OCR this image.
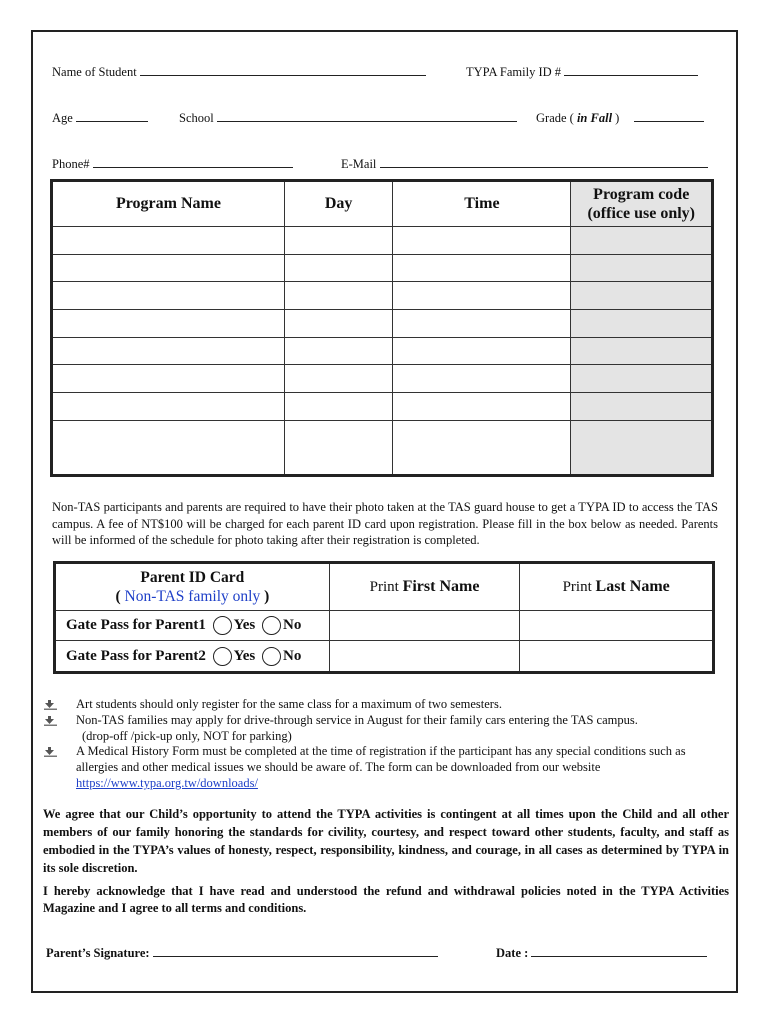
Name of Student	TYPA Family ID #
Age	School	Grade ( in Fall )
Phone#	E-Mail
Program Name	Day	Time	Program code
(office use only)

Non-TAS participants and parents are required to have their photo taken at the TAS guard house to get a TYPA ID to access the TAS campus. A fee of NT$100 will be charged for each parent ID card upon registration. Please fill in the box below as needed. Parents will be informed of the schedule for photo taking after their registration is completed.
Parent ID Card
( Non-TAS family only )	Print First Name	Print Last Name
Gate Pass for Parent1 Yes No		
Gate Pass for Parent2 Yes No		
Art students should only register for the same class for a maximum of two semesters.
Non-TAS families may apply for drive-through service in August for their family cars entering the TAS campus.
(drop-off /pick-up only, NOT for parking)
A Medical History Form must be completed at the time of registration if the participant has any special conditions such as allergies and other medical issues we should be aware of. The form can be downloaded from our website
https://www.typa.org.tw/downloads/
We agree that our Child’s opportunity to attend the TYPA activities is contingent at all times upon the Child and all other members of our family honoring the standards for civility, courtesy, and respect toward other students, faculty, and staff as embodied in the TYPA’s values of honesty, respect, responsibility, kindness, and courage, in all cases as determined by TYPA in its sole discretion.
I hereby acknowledge that I have read and understood the refund and withdrawal policies noted in the TYPA Activities Magazine and I agree to all terms and conditions.
Parent’s Signature:	Date :
